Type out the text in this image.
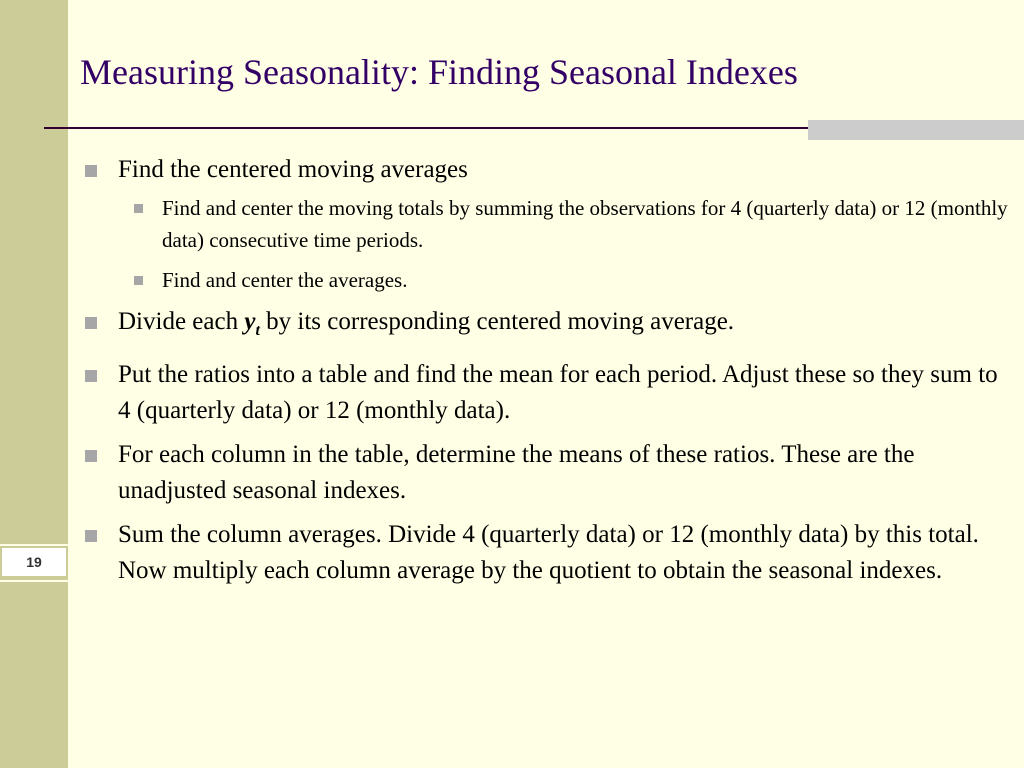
19
Measuring Seasonality: Finding Seasonal Indexes
Find the centered moving averages
Find and center the moving totals by summing the observations for 4 (quarterly data) or 12 (monthly data) consecutive time periods.
Find and center the averages.
Divide each $y_t$ by its corresponding centered moving average.
Put the ratios into a table and find the mean for each period. Adjust these so they sum to 4 (quarterly data) or 12 (monthly data).
For each column in the table, determine the means of these ratios. These are the unadjusted seasonal indexes.
Sum the column averages. Divide 4 (quarterly data) or 12 (monthly data) by this total. Now multiply each column average by the quotient to obtain the seasonal indexes.
